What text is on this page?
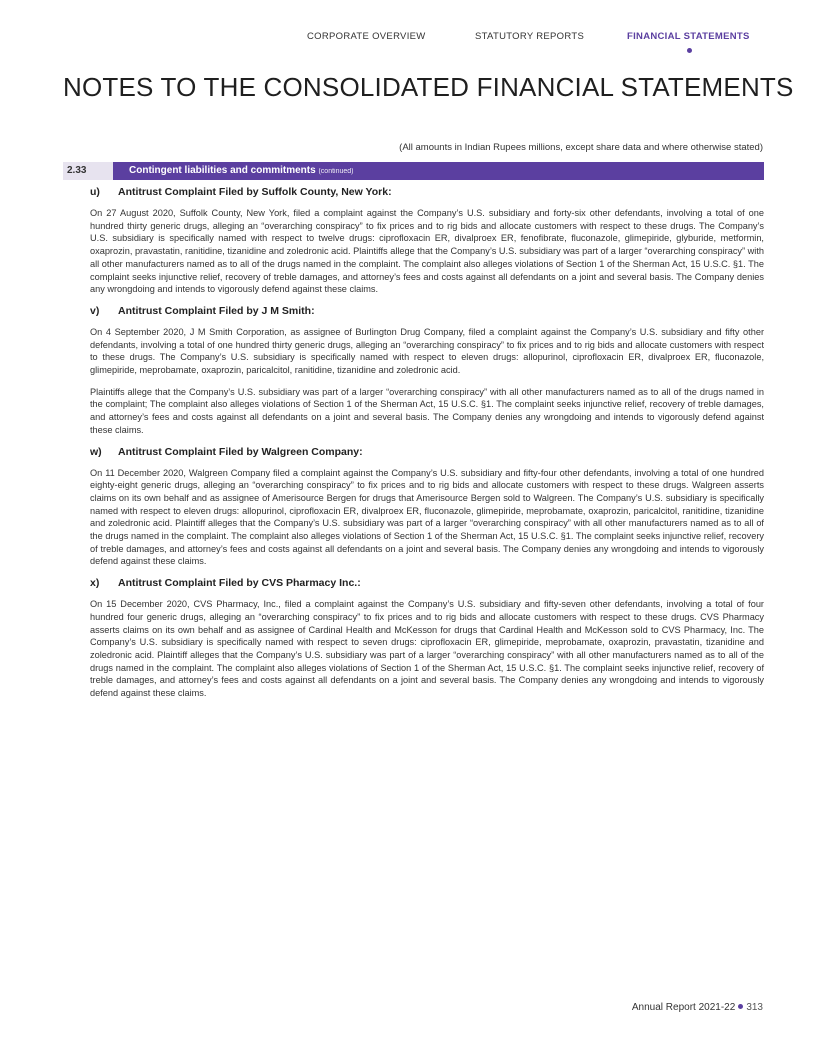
CORPORATE OVERVIEW	STATUTORY REPORTS	FINANCIAL STATEMENTS
NOTES TO THE CONSOLIDATED FINANCIAL STATEMENTS
(All amounts in Indian Rupees millions, except share data and where otherwise stated)
2.33	Contingent liabilities and commitments (continued)
u)	Antitrust Complaint Filed by Suffolk County, New York:

On 27 August 2020, Suffolk County, New York, filed a complaint against the Company’s U.S. subsidiary and forty-six other defendants, involving a total of one hundred thirty generic drugs, alleging an “overarching conspiracy” to fix prices and to rig bids and allocate customers with respect to these drugs. The Company’s U.S. subsidiary is specifically named with respect to twelve drugs: ciprofloxacin ER, divalproex ER, fenofibrate, fluconazole, glimepiride, glyburide, metformin, oxaprozin, pravastatin, ranitidine, tizanidine and zoledronic acid. Plaintiffs allege that the Company’s U.S. subsidiary was part of a larger “overarching conspiracy” with all other manufacturers named as to all of the drugs named in the complaint. The complaint also alleges violations of Section 1 of the Sherman Act, 15 U.S.C. §1. The complaint seeks injunctive relief, recovery of treble damages, and attorney’s fees and costs against all defendants on a joint and several basis. The Company denies any wrongdoing and intends to vigorously defend against these claims.

v)	Antitrust Complaint Filed by J M Smith:

On 4 September 2020, J M Smith Corporation, as assignee of Burlington Drug Company, filed a complaint against the Company’s U.S. subsidiary and fifty other defendants, involving a total of one hundred thirty generic drugs, alleging an “overarching conspiracy” to fix prices and to rig bids and allocate customers with respect to these drugs. The Company’s U.S. subsidiary is specifically named with respect to eleven drugs: allopurinol, ciprofloxacin ER, divalproex ER, fluconazole, glimepiride, meprobamate, oxaprozin, paricalcitol, ranitidine, tizanidine and zoledronic acid.

Plaintiffs allege that the Company’s U.S. subsidiary was part of a larger “overarching conspiracy” with all other manufacturers named as to all of the drugs named in the complaint; The complaint also alleges violations of Section 1 of the Sherman Act, 15 U.S.C. §1. The complaint seeks injunctive relief, recovery of treble damages, and attorney’s fees and costs against all defendants on a joint and several basis. The Company denies any wrongdoing and intends to vigorously defend against these claims.

w)	Antitrust Complaint Filed by Walgreen Company:

On 11 December 2020, Walgreen Company filed a complaint against the Company’s U.S. subsidiary and fifty-four other defendants, involving a total of one hundred eighty-eight generic drugs, alleging an “overarching conspiracy” to fix prices and to rig bids and allocate customers with respect to these drugs. Walgreen asserts claims on its own behalf and as assignee of Amerisource Bergen for drugs that Amerisource Bergen sold to Walgreen. The Company’s U.S. subsidiary is specifically named with respect to eleven drugs: allopurinol, ciprofloxacin ER, divalproex ER, fluconazole, glimepiride, meprobamate, oxaprozin, paricalcitol, ranitidine, tizanidine and zoledronic acid. Plaintiff alleges that the Company’s U.S. subsidiary was part of a larger “overarching conspiracy” with all other manufacturers named as to all of the drugs named in the complaint. The complaint also alleges violations of Section 1 of the Sherman Act, 15 U.S.C. §1. The complaint seeks injunctive relief, recovery of treble damages, and attorney’s fees and costs against all defendants on a joint and several basis. The Company denies any wrongdoing and intends to vigorously defend against these claims.

x)	Antitrust Complaint Filed by CVS Pharmacy Inc.:

On 15 December 2020, CVS Pharmacy, Inc., filed a complaint against the Company’s U.S. subsidiary and fifty-seven other defendants, involving a total of four hundred four generic drugs, alleging an “overarching conspiracy” to fix prices and to rig bids and allocate customers with respect to these drugs. CVS Pharmacy asserts claims on its own behalf and as assignee of Cardinal Health and McKesson for drugs that Cardinal Health and McKesson sold to CVS Pharmacy, Inc. The Company’s U.S. subsidiary is specifically named with respect to seven drugs: ciprofloxacin ER, glimepiride, meprobamate, oxaprozin, pravastatin, tizanidine and zoledronic acid. Plaintiff alleges that the Company’s U.S. subsidiary was part of a larger “overarching conspiracy” with all other manufacturers named as to all of the drugs named in the complaint. The complaint also alleges violations of Section 1 of the Sherman Act, 15 U.S.C. §1. The complaint seeks injunctive relief, recovery of treble damages, and attorney’s fees and costs against all defendants on a joint and several basis. The Company denies any wrongdoing and intends to vigorously defend against these claims.

Annual Report 2021-22 313
